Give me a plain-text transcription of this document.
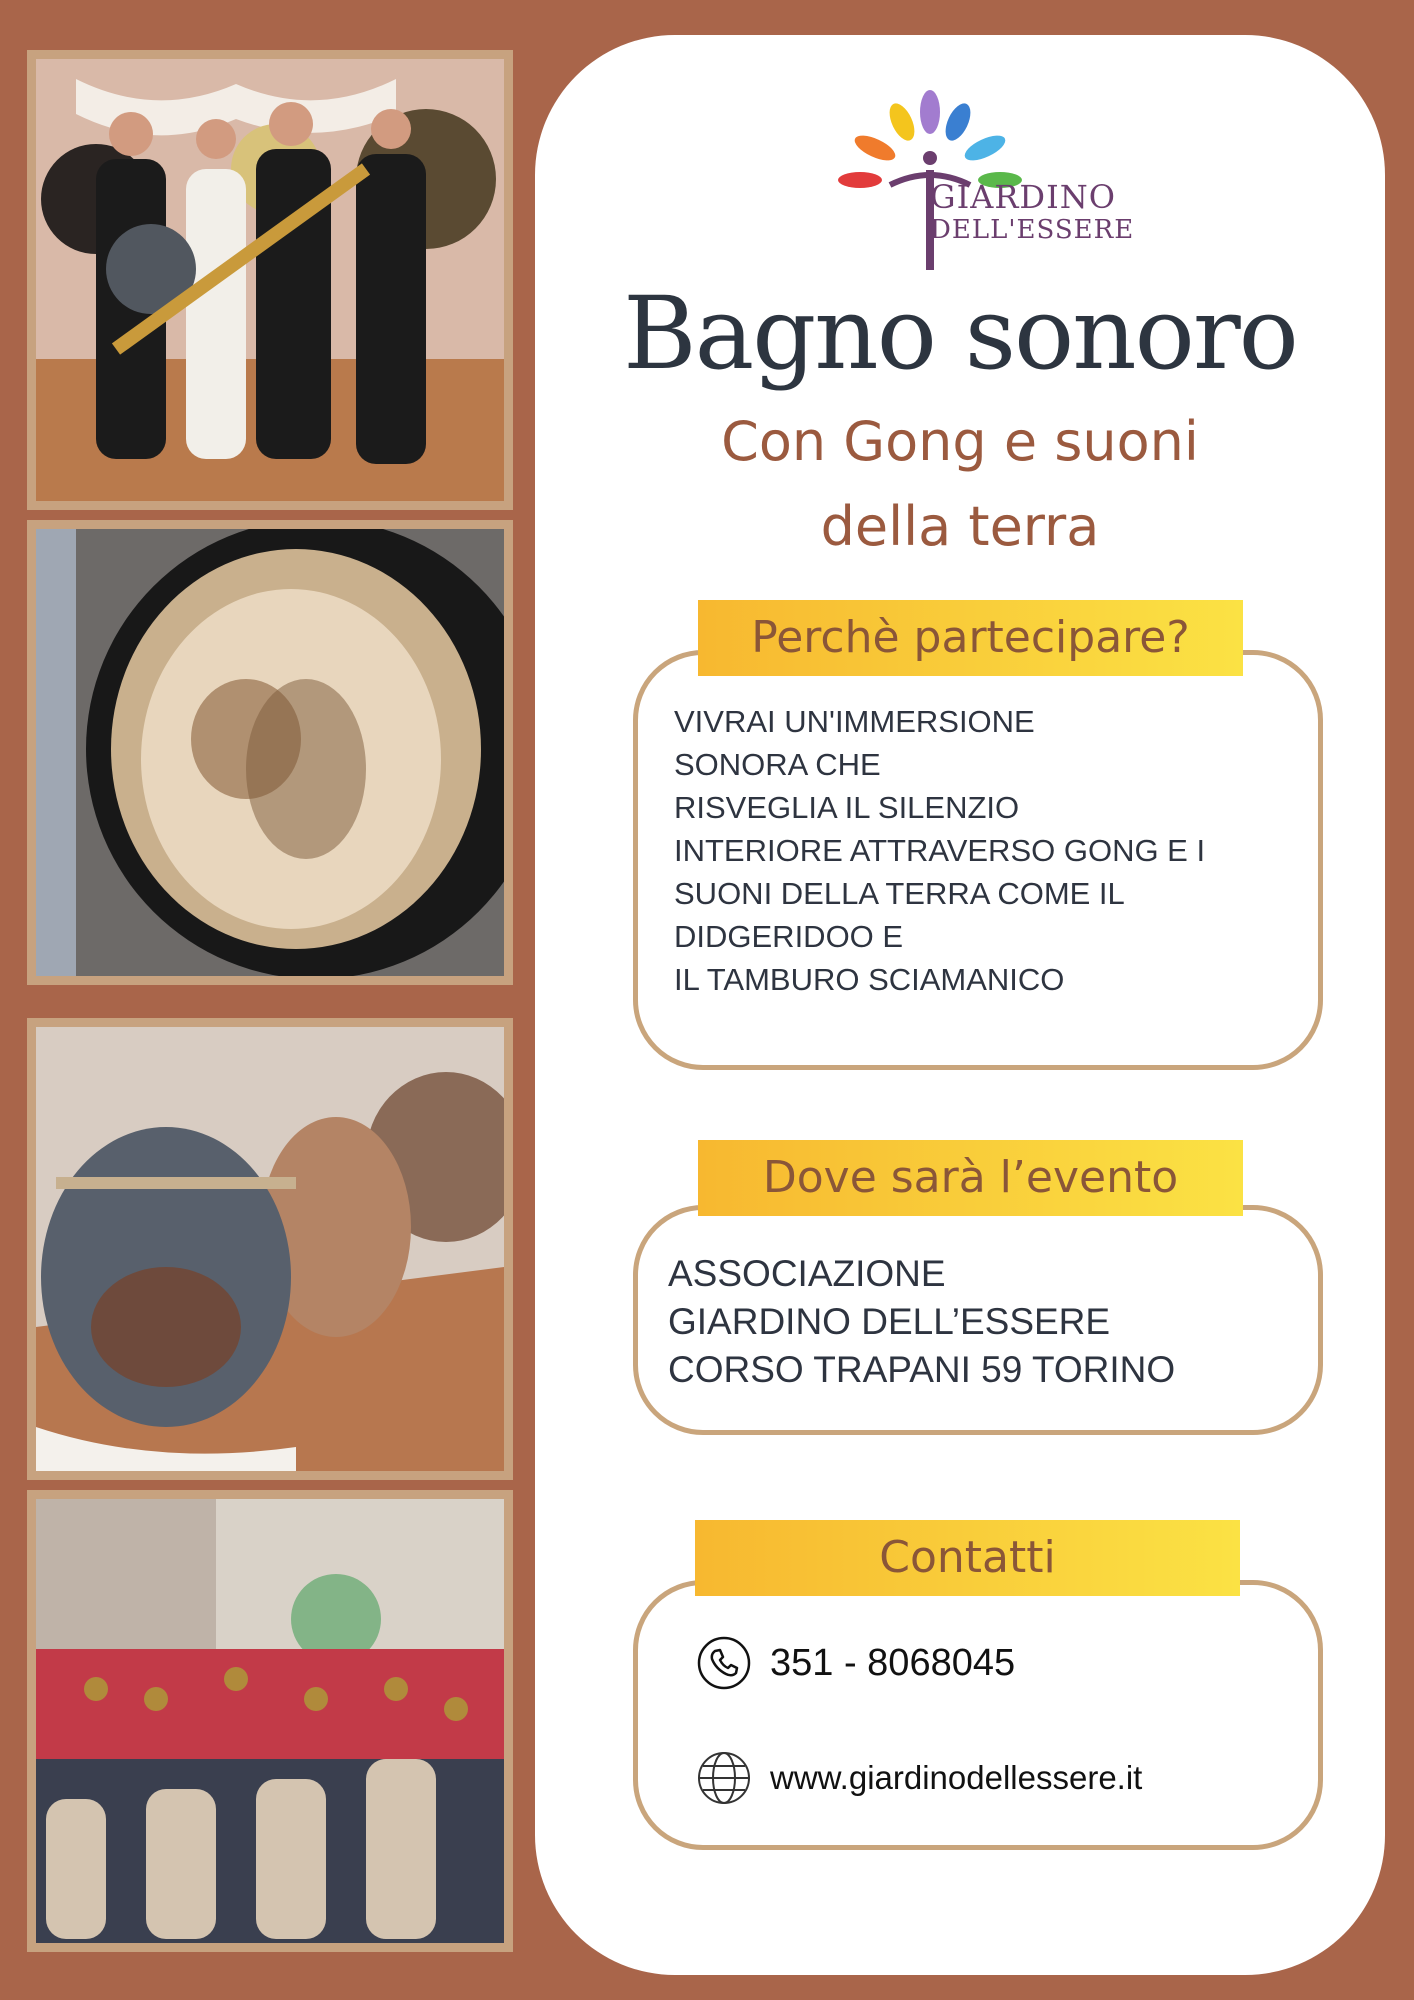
GIARDINO
DELL'ESSERE
Bagno sonoro
Con Gong e suoni
della terra
VIVRAI UN'IMMERSIONE
SONORA CHE
RISVEGLIA IL SILENZIO
INTERIORE ATTRAVERSO GONG E I
SUONI DELLA TERRA COME IL
DIDGERIDOO E
IL TAMBURO SCIAMANICO
Perchè partecipare?
ASSOCIAZIONE
GIARDINO DELL’ESSERE
CORSO TRAPANI 59 TORINO
Dove sarà l’evento
351 - 8068045
www.giardinodellessere.it
Contatti
